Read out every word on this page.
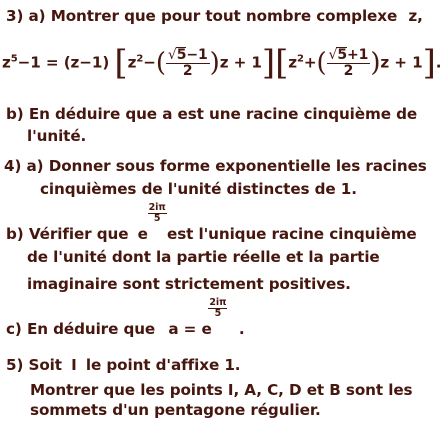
3) a) Montrer que pour tout nombre complexe z,
$z^5-1 = (z-1)$ $[z^2-( \frac{√5-1}{2} )z + 1][z^2+( \frac{√5+1}{2} )z + 1]$.
b) En déduire que a est une racine cinquième de
l'unité.
4) a) Donner sous forme exponentielle les racines
cinquièmes de l'unité distinctes de 1.
b) Vérifier que e
$\frac{2i\pi}{5}$
est l'unique racine cinquième
de l'unité dont la partie réelle et la partie
imaginaire sont strictement positives.
c) En déduire que a = e
$\frac{2i\pi}{5}$
.
5) Soit I le point d'affixe 1.
Montrer que les points I, A, C, D et B sont les
sommets d'un pentagone régulier.
